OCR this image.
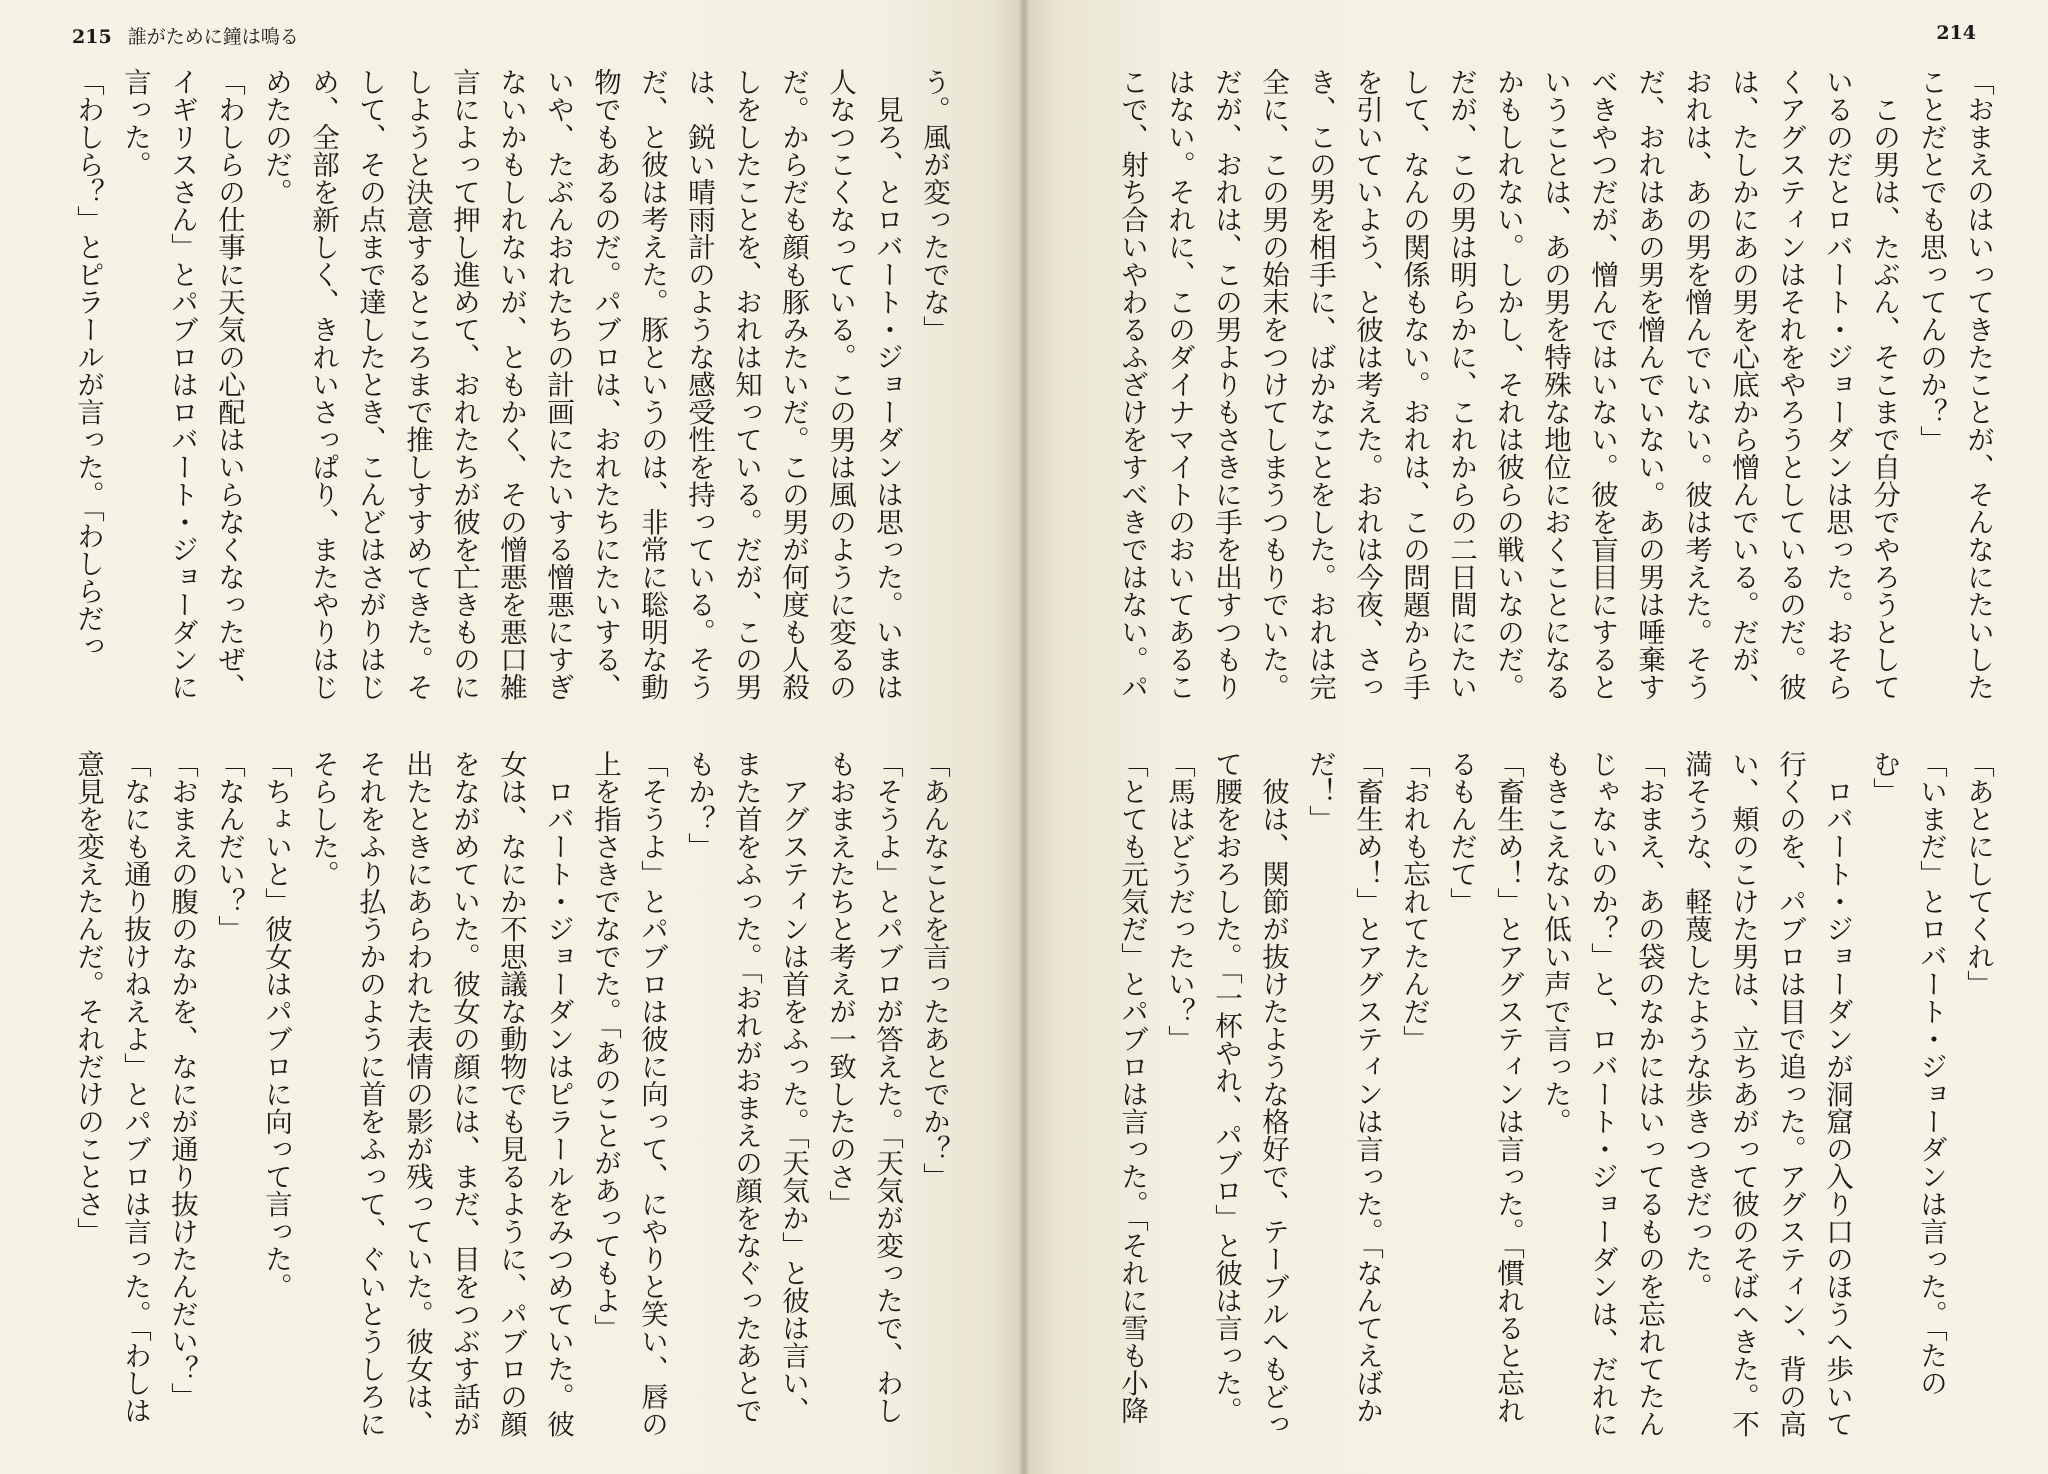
215 誰がために鐘は鳴る

う。風が変ったでな」
　見ろ、とロバート・ジョーダンは思った。いまは人なつこくなっている。この男は風のように変るのだ。からだも顔も豚みたいだ。この男が何度も人殺しをしたことを、おれは知っている。だが、この男は、鋭い晴雨計のような感受性を持っている。そうだ、と彼は考えた。豚というのは、非常に聡明な動物でもあるのだ。パブロは、おれたちにたいする、いや、たぶんおれたちの計画にたいする憎悪にすぎないかもしれないが、ともかく、その憎悪を悪口雑言によって押し進めて、おれたちが彼を亡きものにしようと決意するところまで推しすすめてきた。そして、その点まで達したとき、こんどはさがりはじめ、全部を新しく、きれいさっぱり、またやりはじめたのだ。
「わしらの仕事に天気の心配はいらなくなったぜ、イギリスさん」とパブロはロバート・ジョーダンに言った。
「わしら？」とピラールが言った。「わしらだっ

「あんなことを言ったあとでか？」
「そうよ」とパブロが答えた。「天気が変ったで、わしもおまえたちと考えが一致したのさ」
　アグスティンは首をふった。「天気か」と彼は言い、また首をふった。「おれがおまえの顔をなぐったあとでもか？」
「そうよ」とパブロは彼に向って、にやりと笑い、唇の上を指さきでなでた。「あのことがあってもよ」
　ロバート・ジョーダンはピラールをみつめていた。彼女は、なにか不思議な動物でも見るように、パブロの顔をながめていた。彼女の顔には、まだ、目をつぶす話が出たときにあらわれた表情の影が残っていた。彼女は、それをふり払うかのように首をふって、ぐいとうしろにそらした。
「ちょいと」彼女はパブロに向って言った。
「なんだい？」
「おまえの腹のなかを、なにが通り抜けたんだい？」
「なにも通り抜けねえよ」とパブロは言った。「わしは意見を変えたんだ。それだけのことさ」

214

「おまえのはいってきたことが、そんなにたいしたことだとでも思ってんのか？」
　この男は、たぶん、そこまで自分でやろうとしているのだとロバート・ジョーダンは思った。おそらくアグスティンはそれをやろうとしているのだ。彼は、たしかにあの男を心底から憎んでいる。だが、おれは、あの男を憎んでいない。彼は考えた。そうだ、おれはあの男を憎んでいない。あの男は唾棄すべきやつだが、憎んではいない。彼を盲目にするということは、あの男を特殊な地位におくことになるかもしれない。しかし、それは彼らの戦いなのだ。だが、この男は明らかに、これからの二日間にたいして、なんの関係もない。おれは、この問題から手を引いていよう、と彼は考えた。おれは今夜、さっき、この男を相手に、ばかなことをした。おれは完全に、この男の始末をつけてしまうつもりでいた。だが、おれは、この男よりもさきに手を出すつもりはない。それに、このダイナマイトのおいてあるここで、射ち合いやわるふざけをすべきではない。パ　

「あとにしてくれ」
「いまだ」とロバート・ジョーダンは言った。「たのむ」
　ロバート・ジョーダンが洞窟の入り口のほうへ歩いて行くのを、パブロは目で追った。アグスティン、背の高い、頬のこけた男は、立ちあがって彼のそばへきた。不満そうな、軽蔑したような歩きつきだった。
「おまえ、あの袋のなかにはいってるものを忘れてたんじゃないのか？」と、ロバート・ジョーダンは、だれにもきこえない低い声で言った。
「畜生め！」とアグスティンは言った。「慣れると忘れるもんだて」
「おれも忘れてたんだ」
「畜生め！」とアグスティンは言った。「なんてえばかだ！」
　彼は、関節が抜けたような格好で、テーブルへもどって腰をおろした。「一杯やれ、パブロ」と彼は言った。「馬はどうだったい？」
「とても元気だ」とパブロは言った。「それに雪も小降
